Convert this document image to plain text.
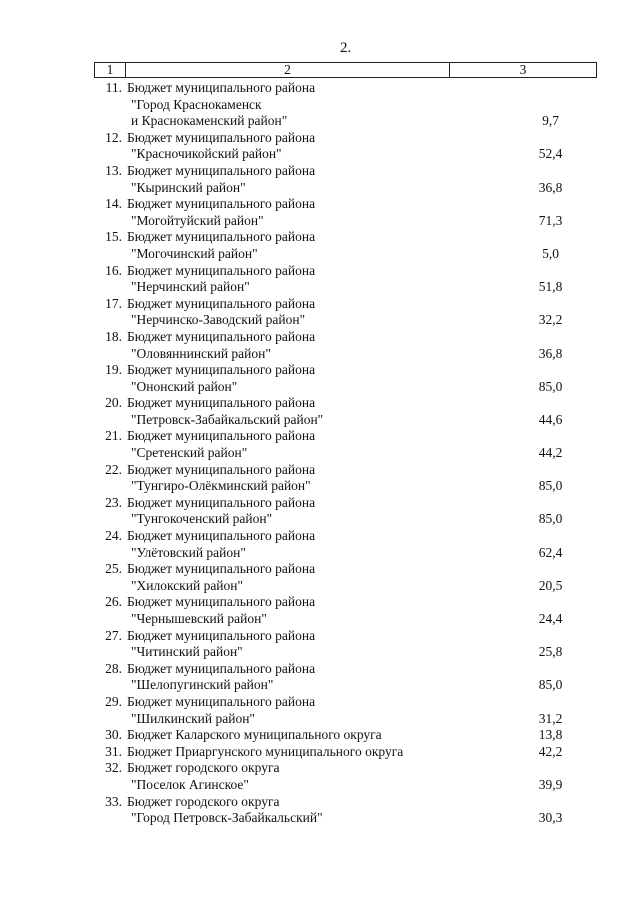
2.
1	2	3
11. Бюджет муниципального района
"Город Краснокаменск
и Краснокаменский район"	9,7
12. Бюджет муниципального района
"Красночикойский район"	52,4
13. Бюджет муниципального района
"Кыринский район"	36,8
14. Бюджет муниципального района
"Могойтуйский район"	71,3
15. Бюджет муниципального района
"Могочинский район"	5,0
16. Бюджет муниципального района
"Нерчинский район"	51,8
17. Бюджет муниципального района
"Нерчинско-Заводский район"	32,2
18. Бюджет муниципального района
"Оловяннинский район"	36,8
19. Бюджет муниципального района
"Ононский район"	85,0
20. Бюджет муниципального района
"Петровск-Забайкальский район"	44,6
21. Бюджет муниципального района
"Сретенский район"	44,2
22. Бюджет муниципального района
"Тунгиро-Олёкминский район"	85,0
23. Бюджет муниципального района
"Тунгокоченский район"	85,0
24. Бюджет муниципального района
"Улётовский район"	62,4
25. Бюджет муниципального района
"Хилокский район"	20,5
26. Бюджет муниципального района
"Чернышевский район"	24,4
27. Бюджет муниципального района
"Читинский район"	25,8
28. Бюджет муниципального района
"Шелопугинский район"	85,0
29. Бюджет муниципального района
"Шилкинский район"	31,2
30. Бюджет Каларского муниципального округа	13,8
31. Бюджет Приаргунского муниципального округа	42,2
32. Бюджет городского округа
"Поселок Агинское"	39,9
33. Бюджет городского округа
"Город Петровск-Забайкальский"	30,3
